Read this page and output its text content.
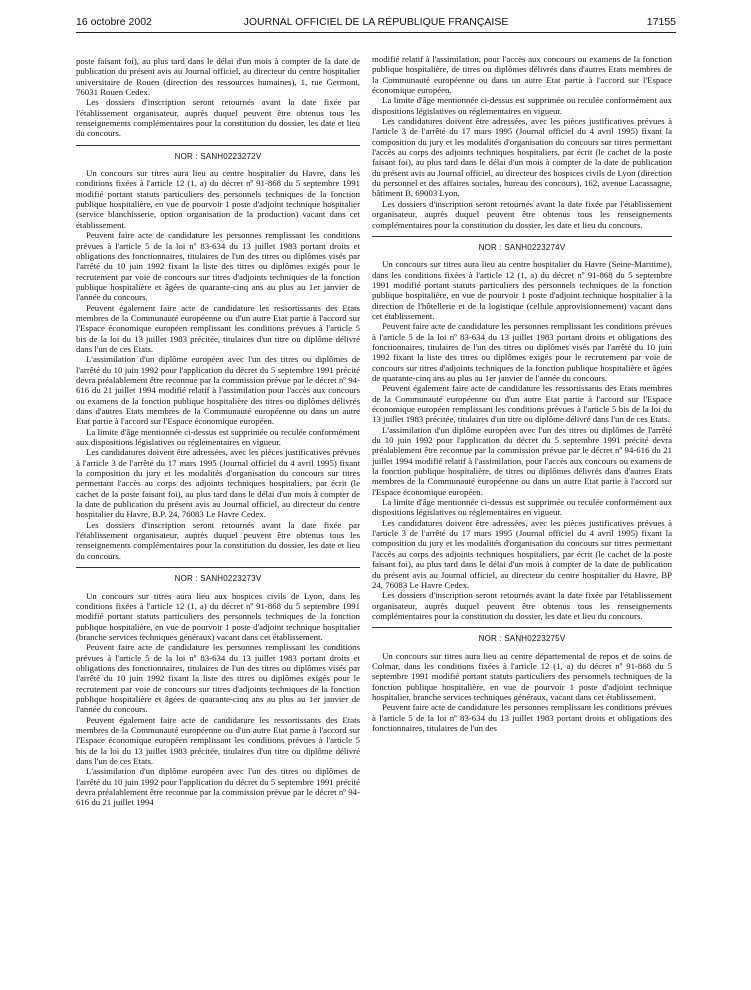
16 octobre 2002	JOURNAL OFFICIEL DE LA RÉPUBLIQUE FRANÇAISE	17155

poste faisant foi), au plus tard dans le délai d'un mois à compter de la date de publication du présent avis au Journal officiel, au directeur du centre hospitalier universitaire de Rouen (direction des ressources humaines), 1, rue Germont, 76031 Rouen Cedex.

Les dossiers d'inscription seront retournés avant la date fixée par l'établissement organisateur, auprès duquel peuvent être obtenus tous les renseignements complémentaires pour la constitution du dossier, les date et lieu du concours.

NOR : SANH0223272V

Un concours sur titres aura lieu au centre hospitalier du Havre, dans les conditions fixées à l'article 12 (1, a) du décret nº 91-868 du 5 septembre 1991 modifié portant statuts particuliers des personnels techniques de la fonction publique hospitalière, en vue de pourvoir 1 poste d'adjoint technique hospitalier (service blanchisserie, option organisation de la production) vacant dans cet établissement.

Peuvent faire acte de candidature les personnes remplissant les conditions prévues à l'article 5 de la loi nº 83-634 du 13 juillet 1983 portant droits et obligations des fonctionnaires, titulaires de l'un des titres ou diplômes visés par l'arrêté du 10 juin 1992 fixant la liste des titres ou diplômes exigés pour le recrutement par voie de concours sur titres d'adjoints techniques de la fonction publique hospitalière et âgées de quarante-cinq ans au plus au 1er janvier de l'année du concours.

Peuvent également faire acte de candidature les ressortissants des Etats membres de la Communauté européenne ou d'un autre Etat partie à l'accord sur l'Espace économique européen remplissant les conditions prévues à l'article 5 bis de la loi du 13 juillet 1983 précitée, titulaires d'un titre ou diplôme délivré dans l'un de ces Etats.

L'assimilation d'un diplôme européen avec l'un des titres ou diplômes de l'arrêté du 10 juin 1992 pour l'application du décret du 5 septembre 1991 précité devra préalablement être reconnue par la commission prévue par le décret nº 94-616 du 21 juillet 1994 modifié relatif à l'assimilation pour l'accès aux concours ou examens de la fonction publique hospitalière des titres ou diplômes délivrés dans d'autres Etats membres de la Communauté européenne ou dans un autre Etat partie à l'accord sur l'Espace économique européen.

La limite d'âge mentionnée ci-dessus est supprimée ou reculée conformément aux dispositions législatives ou réglementaires en vigueur.

Les candidatures doivent être adressées, avec les pièces justificatives prévues à l'article 3 de l'arrêté du 17 mars 1995 (Journal officiel du 4 avril 1995) fixant la composition du jury et les modalités d'organisation du concours sur titres permettant l'accès au corps des adjoints techniques hospitaliers, par écrit (le cachet de la poste faisant foi), au plus tard dans le délai d'un mois à compter de la date de publication du présent avis au Journal officiel, au directeur du centre hospitalier du Havre, B.P. 24, 76083 Le Havre Cedex.

Les dossiers d'inscription seront retournés avant la date fixée par l'établissement organisateur, auprès duquel peuvent être obtenus tous les renseignements complémentaires pour la constitution du dossier, les date et lieu du concours.

NOR : SANH0223273V

Un concours sur titres aura lieu aux hospices civils de Lyon, dans les conditions fixées à l'article 12 (1, a) du décret nº 91-868 du 5 septembre 1991 modifié portant statuts particuliers des personnels techniques de la fonction publique hospitalière, en vue de pourvoir 1 poste d'adjoint technique hospitalier (branche services techniques généraux) vacant dans cet établissement.

Peuvent faire acte de candidature les personnes remplissant les conditions prévues à l'article 5 de la loi nº 83-634 du 13 juillet 1983 portant droits et obligations des fonctionnaires, titulaires de l'un des titres ou diplômes visés par l'arrêté du 10 juin 1992 fixant la liste des titres ou diplômes exigés pour le recrutement par voie de concours sur titres d'adjoints techniques de la fonction publique hospitalière et âgées de quarante-cinq ans au plus au 1er janvier de l'année du concours.

Peuvent également faire acte de candidature les ressortissants des Etats membres de la Communauté européenne ou d'un autre Etat partie à l'accord sur l'Espace économique européen remplissant les conditions prévues à l'article 5 bis de la loi du 13 juillet 1983 précitée, titulaires d'un titre ou diplôme délivré dans l'un de ces Etats.

L'assimilation d'un diplôme européen avec l'un des titres ou diplômes de l'arrêté du 10 juin 1992 pour l'application du décret du 5 septembre 1991 précité devra préalablement être reconnue par la commission prévue par le décret nº 94-616 du 21 juillet 1994

modifié relatif à l'assimilation, pour l'accès aux concours ou examens de la fonction publique hospitalière, de titres ou diplômes délivrés dans d'autres Etats membres de la Communauté européenne ou dans un autre Etat partie à l'accord sur l'Espace économique européen.

La limite d'âge mentionnée ci-dessus est supprimée ou reculée conformément aux dispositions législatives ou réglementaires en vigueur.

Les candidatures doivent être adressées, avec les pièces justificatives prévues à l'article 3 de l'arrêté du 17 mars 1995 (Journal officiel du 4 avril 1995) fixant la composition du jury et les modalités d'organisation du concours sur titres permettant l'accès au corps des adjoints techniques hospitaliers, par écrit (le cachet de la poste faisant foi), au plus tard dans le délai d'un mois à compter de la date de publication du présent avis au Journal officiel, au directeur des hospices civils de Lyon (direction du personnel et des affaires sociales, bureau des concours), 162, avenue Lacassagne, bâtiment B, 69003 Lyon.

Les dossiers d'inscription seront retournés avant la date fixée par l'établissement organisateur, auprès duquel peuvent être obtenus tous les renseignements complémentaires pour la constitution du dossier, les date et lieu du concours.

NOR : SANH0223274V

Un concours sur titres aura lieu au centre hospitalier du Havre (Seine-Maritime), dans les conditions fixées à l'article 12 (1, a) du décret nº 91-868 du 5 septembre 1991 modifié portant statuts particuliers des personnels techniques de la fonction publique hospitalière, en vue de pourvoir 1 poste d'adjoint technique hospitalier à la direction de l'hôtellerie et de la logistique (cellule approvisionnement) vacant dans cet établissement.

Peuvent faire acte de candidature les personnes remplissant les conditions prévues à l'article 5 de la loi nº 83-634 du 13 juillet 1983 portant droits et obligations des fonctionnaires, titulaires de l'un des titres ou diplômes visés par l'arrêté du 10 juin 1992 fixant la liste des titres ou diplômes exigés pour le recrutement par voie de concours sur titres d'adjoints techniques de la fonction publique hospitalière et âgées de quarante-cinq ans au plus au 1er janvier de l'année du concours.

Peuvent également faire acte de candidature les ressortissants des Etats membres de la Communauté européenne ou d'un autre Etat partie à l'accord sur l'Espace économique européen remplissant les conditions prévues à l'article 5 bis de la loi du 13 juillet 1983 précitée, titulaires d'un titre ou diplôme délivré dans l'un de ces Etats.

L'assimilation d'un diplôme européen avec l'un des titres ou diplômes de l'arrêté du 10 juin 1992 pour l'application du décret du 5 septembre 1991 précité devra préalablement être reconnue par la commission prévue par le décret nº 94-616 du 21 juillet 1994 modifié relatif à l'assimilation, pour l'accès aux concours ou examens de la fonction publique hospitalière, de titres ou diplômes délivrés dans d'autres Etats membres de la Communauté européenne ou dans un autre Etat partie à l'accord sur l'Espace économique européen.

La limite d'âge mentionnée ci-dessus est supprimée ou reculée conformément aux dispositions législatives ou réglementaires en vigueur.

Les candidatures doivent être adressées, avec les pièces justificatives prévues à l'article 3 de l'arrêté du 17 mars 1995 (Journal officiel du 4 avril 1995) fixant la composition du jury et les modalités d'organisation du concours sur titres permettant l'accès au corps des adjoints techniques hospitaliers, par écrit (le cachet de la poste faisant foi), au plus tard dans le délai d'un mois à compter de la date de publication du présent avis au Journal officiel, au directeur du centre hospitalier du Havre, BP 24, 76083 Le Havre Cedex.

Les dossiers d'inscription seront retournés avant la date fixée par l'établissement organisateur, auprès duquel peuvent être obtenus tous les renseignements complémentaires pour la constitution du dossier, les date et lieu du concours.

NOR : SANH0223275V

Un concours sur titres aura lieu au centre départemental de repos et de soins de Colmar, dans les conditions fixées à l'article 12 (1, a) du décret nº 91-868 du 5 septembre 1991 modifié portant statuts particuliers des personnels techniques de la fonction publique hospitalière, en vue de pourvoir 1 poste d'adjoint technique hospitalier, branche services techniques généraux, vacant dans cet établissement.

Peuvent faire acte de candidature les personnes remplissant les conditions prévues à l'article 5 de la loi nº 83-634 du 13 juillet 1983 portant droits et obligations des fonctionnaires, titulaires de l'un des
